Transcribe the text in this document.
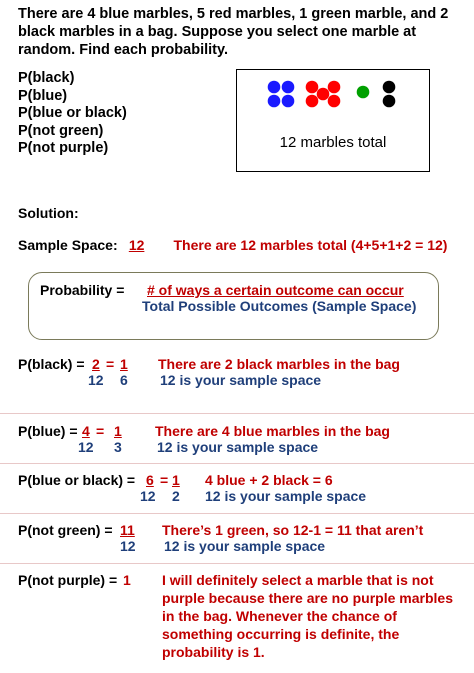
There are 4 blue marbles, 5 red marbles, 1 green marble, and 2 black marbles in a bag. Suppose you select one marble at random. Find each probability.
P(black)
P(blue)
P(blue or black)
P(not green)
P(not purple)	12 marbles total
Solution:
Sample Space: 12 There are 12 marbles total (4+5+1+2 = 12)
Probability = # of ways a certain outcome can occur
Total Possible Outcomes (Sample Space)
P(black) = 2 = 1
12 6
There are 2 black marbles in the bag
12 is your sample space
P(blue) = 4 = 1
12 3
There are 4 blue marbles in the bag
12 is your sample space
P(blue or black) = 6 = 1
12 2
4 blue + 2 black = 6
12 is your sample space
P(not green) = 11
12
There’s 1 green, so 12-1 = 11 that aren’t
12 is your sample space
P(not purple) = 1 I will definitely select a marble that is not
purple because there are no purple marbles
in the bag. Whenever the chance of
something occurring is definite, the
probability is 1.
